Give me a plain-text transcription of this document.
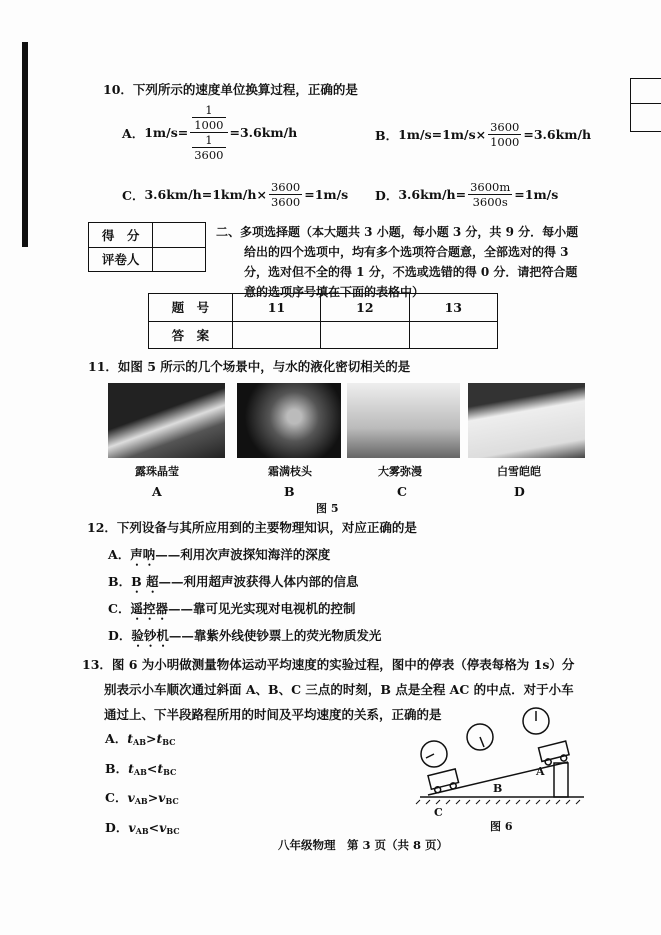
10．下列所示的速度单位换算过程，正确的是
A． 1m/s= 1
1000
1
3600 =3.6km/h	B． $1m/s=1m/s\times \frac{3600}{1000} =3.6km/h$
C． $3.6km/h=1km/h\times \frac{3600}{3600} =1m/s$ D． $3.6km/h= \frac{3600m}{3600s} =1m/s$
得　分	
评卷人	
二、多项选择题（本大题共 3 小题，每小题 3 分，共 9 分．每小题
给出的四个选项中，均有多个选项符合题意，全部选对的得 3
分，选对但不全的得 1 分，不选或选错的得 0 分．请把符合题
意的选项序号填在下面的表格中）
题　号	11	12	13
答　案			
11．如图 5 所示的几个场景中，与水的液化密切相关的是
露珠晶莹	霜满枝头	大雾弥漫	白雪皑皑
A	B	C	D
图 5
12．下列设备与其所应用到的主要物理知识，对应正确的是
A．声呐——利用次声波探知海洋的深度
B．B 超——利用超声波获得人体内部的信息
C．遥控器——靠可见光实现对电视机的控制
D．验钞机——靠紫外线使钞票上的荧光物质发光
13．图 6 为小明做测量物体运动平均速度的实验过程，图中的停表（停表每格为 1s）分
别表示小车顺次通过斜面 A、B、C 三点的时刻，B 点是全程 AC 的中点．对于小车
通过上、下半段路程所用的时间及平均速度的关系，正确的是
A．$t_{AB}>t_{BC}$
B．$t_{AB}<t_{BC}$
C．$v_{AB}>v_{BC}$
D．$v_{AB}<v_{BC}$
A
B
C
图 6
八年级物理　第 3 页（共 8 页）
